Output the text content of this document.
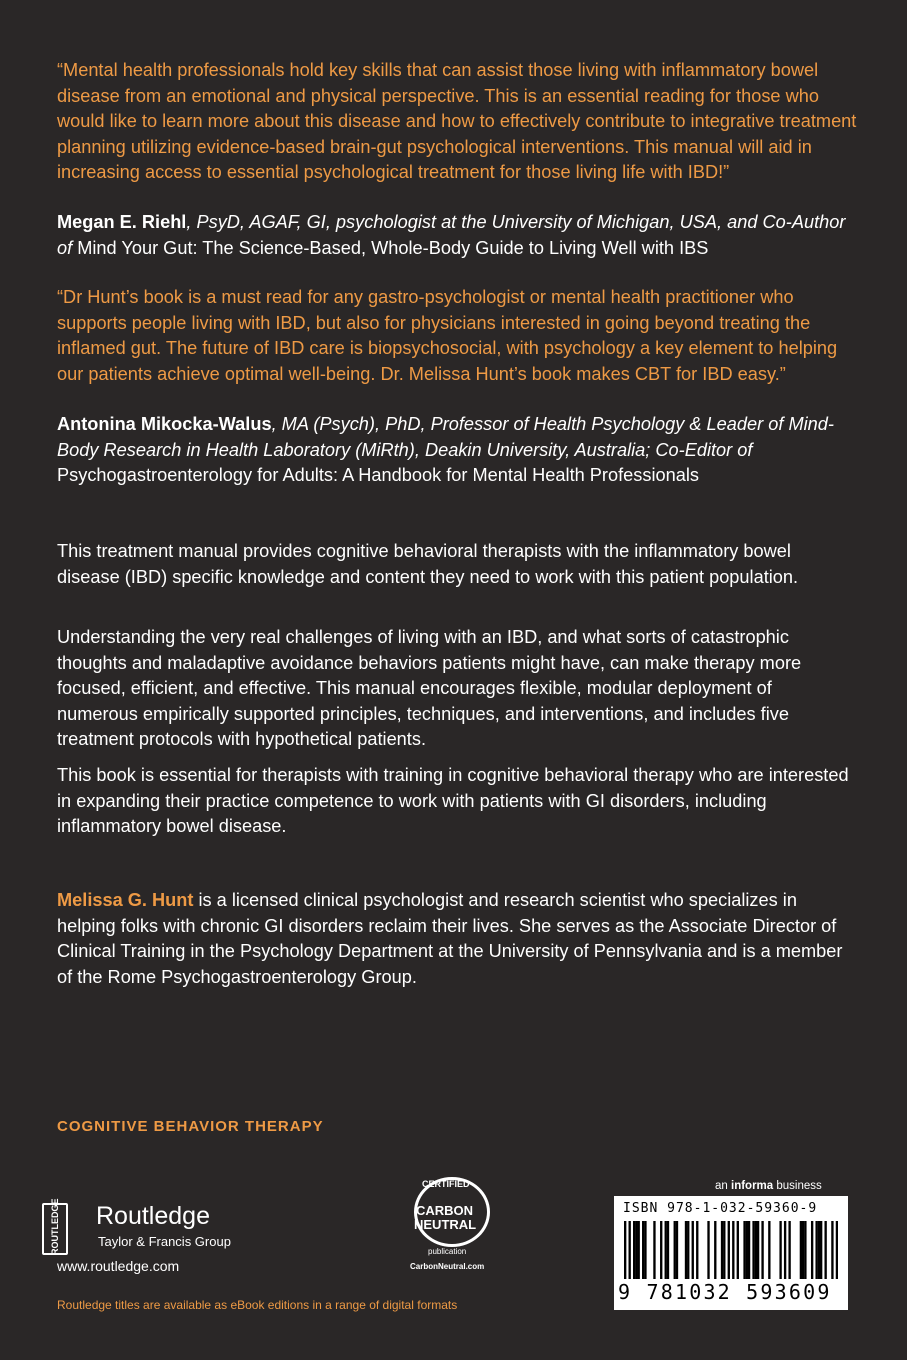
“Mental health professionals hold key skills that can assist those living with inflammatory bowel disease from an emotional and physical perspective. This is an essential reading for those who would like to learn more about this disease and how to effectively contribute to integrative treatment planning utilizing evidence-based brain-gut psychological interventions. This manual will aid in increasing access to essential psychological treatment for those living life with IBD!”

Megan E. Riehl, PsyD, AGAF, GI, psychologist at the University of Michigan, USA, and Co-Author of Mind Your Gut: The Science-Based, Whole-Body Guide to Living Well with IBS

“Dr Hunt’s book is a must read for any gastro-psychologist or mental health practitioner who supports people living with IBD, but also for physicians interested in going beyond treating the inflamed gut. The future of IBD care is biopsychosocial, with psychology a key element to helping our patients achieve optimal well-being. Dr. Melissa Hunt’s book makes CBT for IBD easy.”

Antonina Mikocka-Walus, MA (Psych), PhD, Professor of Health Psychology & Leader of Mind-Body Research in Health Laboratory (MiRth), Deakin University, Australia; Co-Editor of Psychogastroenterology for Adults: A Handbook for Mental Health Professionals

This treatment manual provides cognitive behavioral therapists with the inflammatory bowel disease (IBD) specific knowledge and content they need to work with this patient population.

Understanding the very real challenges of living with an IBD, and what sorts of catastrophic thoughts and maladaptive avoidance behaviors patients might have, can make therapy more focused, efficient, and effective. This manual encourages flexible, modular deployment of numerous empirically supported principles, techniques, and interventions, and includes five treatment protocols with hypothetical patients.

This book is essential for therapists with training in cognitive behavioral therapy who are interested in expanding their practice competence to work with patients with GI disorders, including inflammatory bowel disease.

Melissa G. Hunt is a licensed clinical psychologist and research scientist who specializes in helping folks with chronic GI disorders reclaim their lives. She serves as the Associate Director of Clinical Training in the Psychology Department at the University of Pennsylvania and is a member of the Rome Psychogastroenterology Group.

COGNITIVE BEHAVIOR THERAPY
ROUTLEDGE Routledge
Taylor & Francis Group
www.routledge.com
Routledge titles are available as eBook editions in a range of digital formats
CERTIFIED
CARBON
NEUTRAL
publication
CarbonNeutral.com
an informa business
ISBN 978-1-032-59360-9
9 781032 593609
